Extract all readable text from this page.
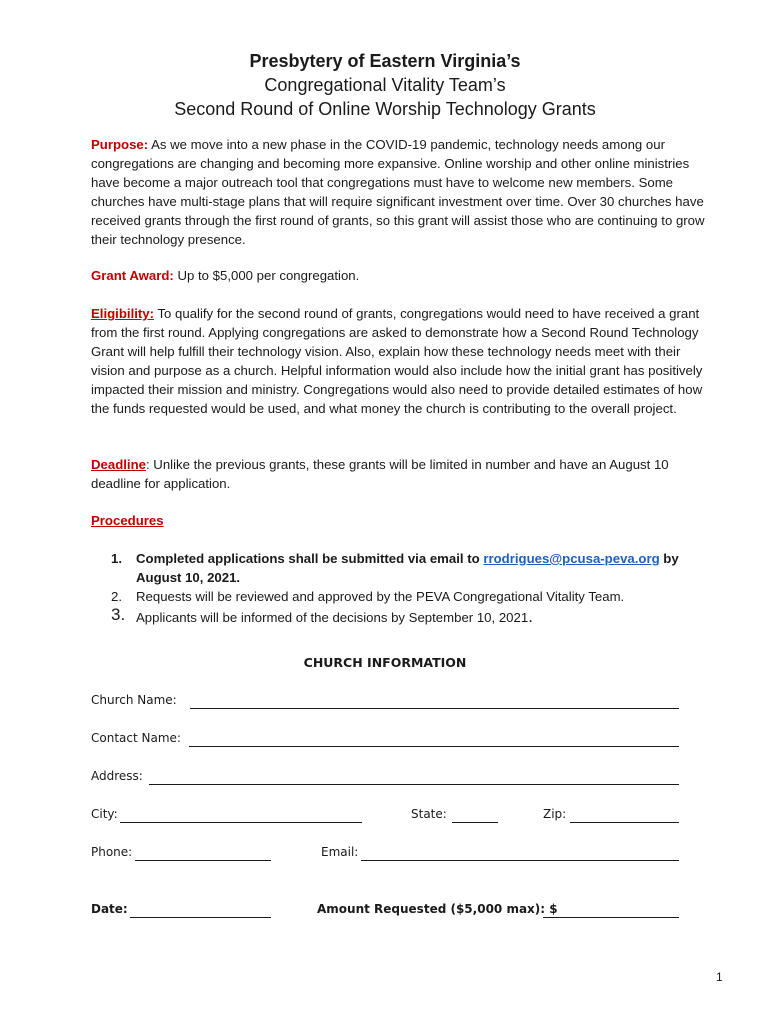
Presbytery of Eastern Virginia’s
Congregational Vitality Team’s
Second Round of Online Worship Technology Grants
Purpose: As we move into a new phase in the COVID-19 pandemic, technology needs among our congregations are changing and becoming more expansive. Online worship and other online ministries have become a major outreach tool that congregations must have to welcome new members. Some churches have multi-stage plans that will require significant investment over time. Over 30 churches have received grants through the first round of grants, so this grant will assist those who are continuing to grow their technology presence.
Grant Award: Up to $5,000 per congregation.
Eligibility: To qualify for the second round of grants, congregations would need to have received a grant from the first round. Applying congregations are asked to demonstrate how a Second Round Technology Grant will help fulfill their technology vision. Also, explain how these technology needs meet with their vision and purpose as a church. Helpful information would also include how the initial grant has positively impacted their mission and ministry. Congregations would also need to provide detailed estimates of how the funds requested would be used, and what money the church is contributing to the overall project.
Deadline: Unlike the previous grants, these grants will be limited in number and have an August 10 deadline for application.
Procedures
1. Completed applications shall be submitted via email to rrodrigues@pcusa-peva.org by August 10, 2021.
2. Requests will be reviewed and approved by the PEVA Congregational Vitality Team.
3. Applicants will be informed of the decisions by September 10, 2021.
CHURCH INFORMATION
Church Name:
Contact Name:
Address:
City:	State:	Zip:
Phone:	Email:
Date:	Amount Requested ($5,000 max): $
1
